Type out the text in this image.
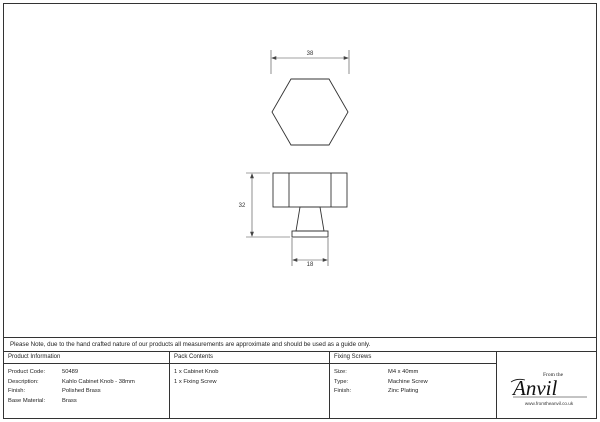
38
32
18
Please Note, due to the hand crafted nature of our products all measurements are approximate and should be used as a guide only.
Product Information
Product Code:	50489
Description:	Kahlo Cabinet Knob - 38mm
Finish:	Polished Brass
Base Material:	Brass
Pack Contents
1 x Cabinet Knob
1 x Fixing Screw
Fixing Screws
Size:	M4 x 40mm
Type:	Machine Screw
Finish:	Zinc Plating
From the
Anvil
www.fromtheanvil.co.uk
